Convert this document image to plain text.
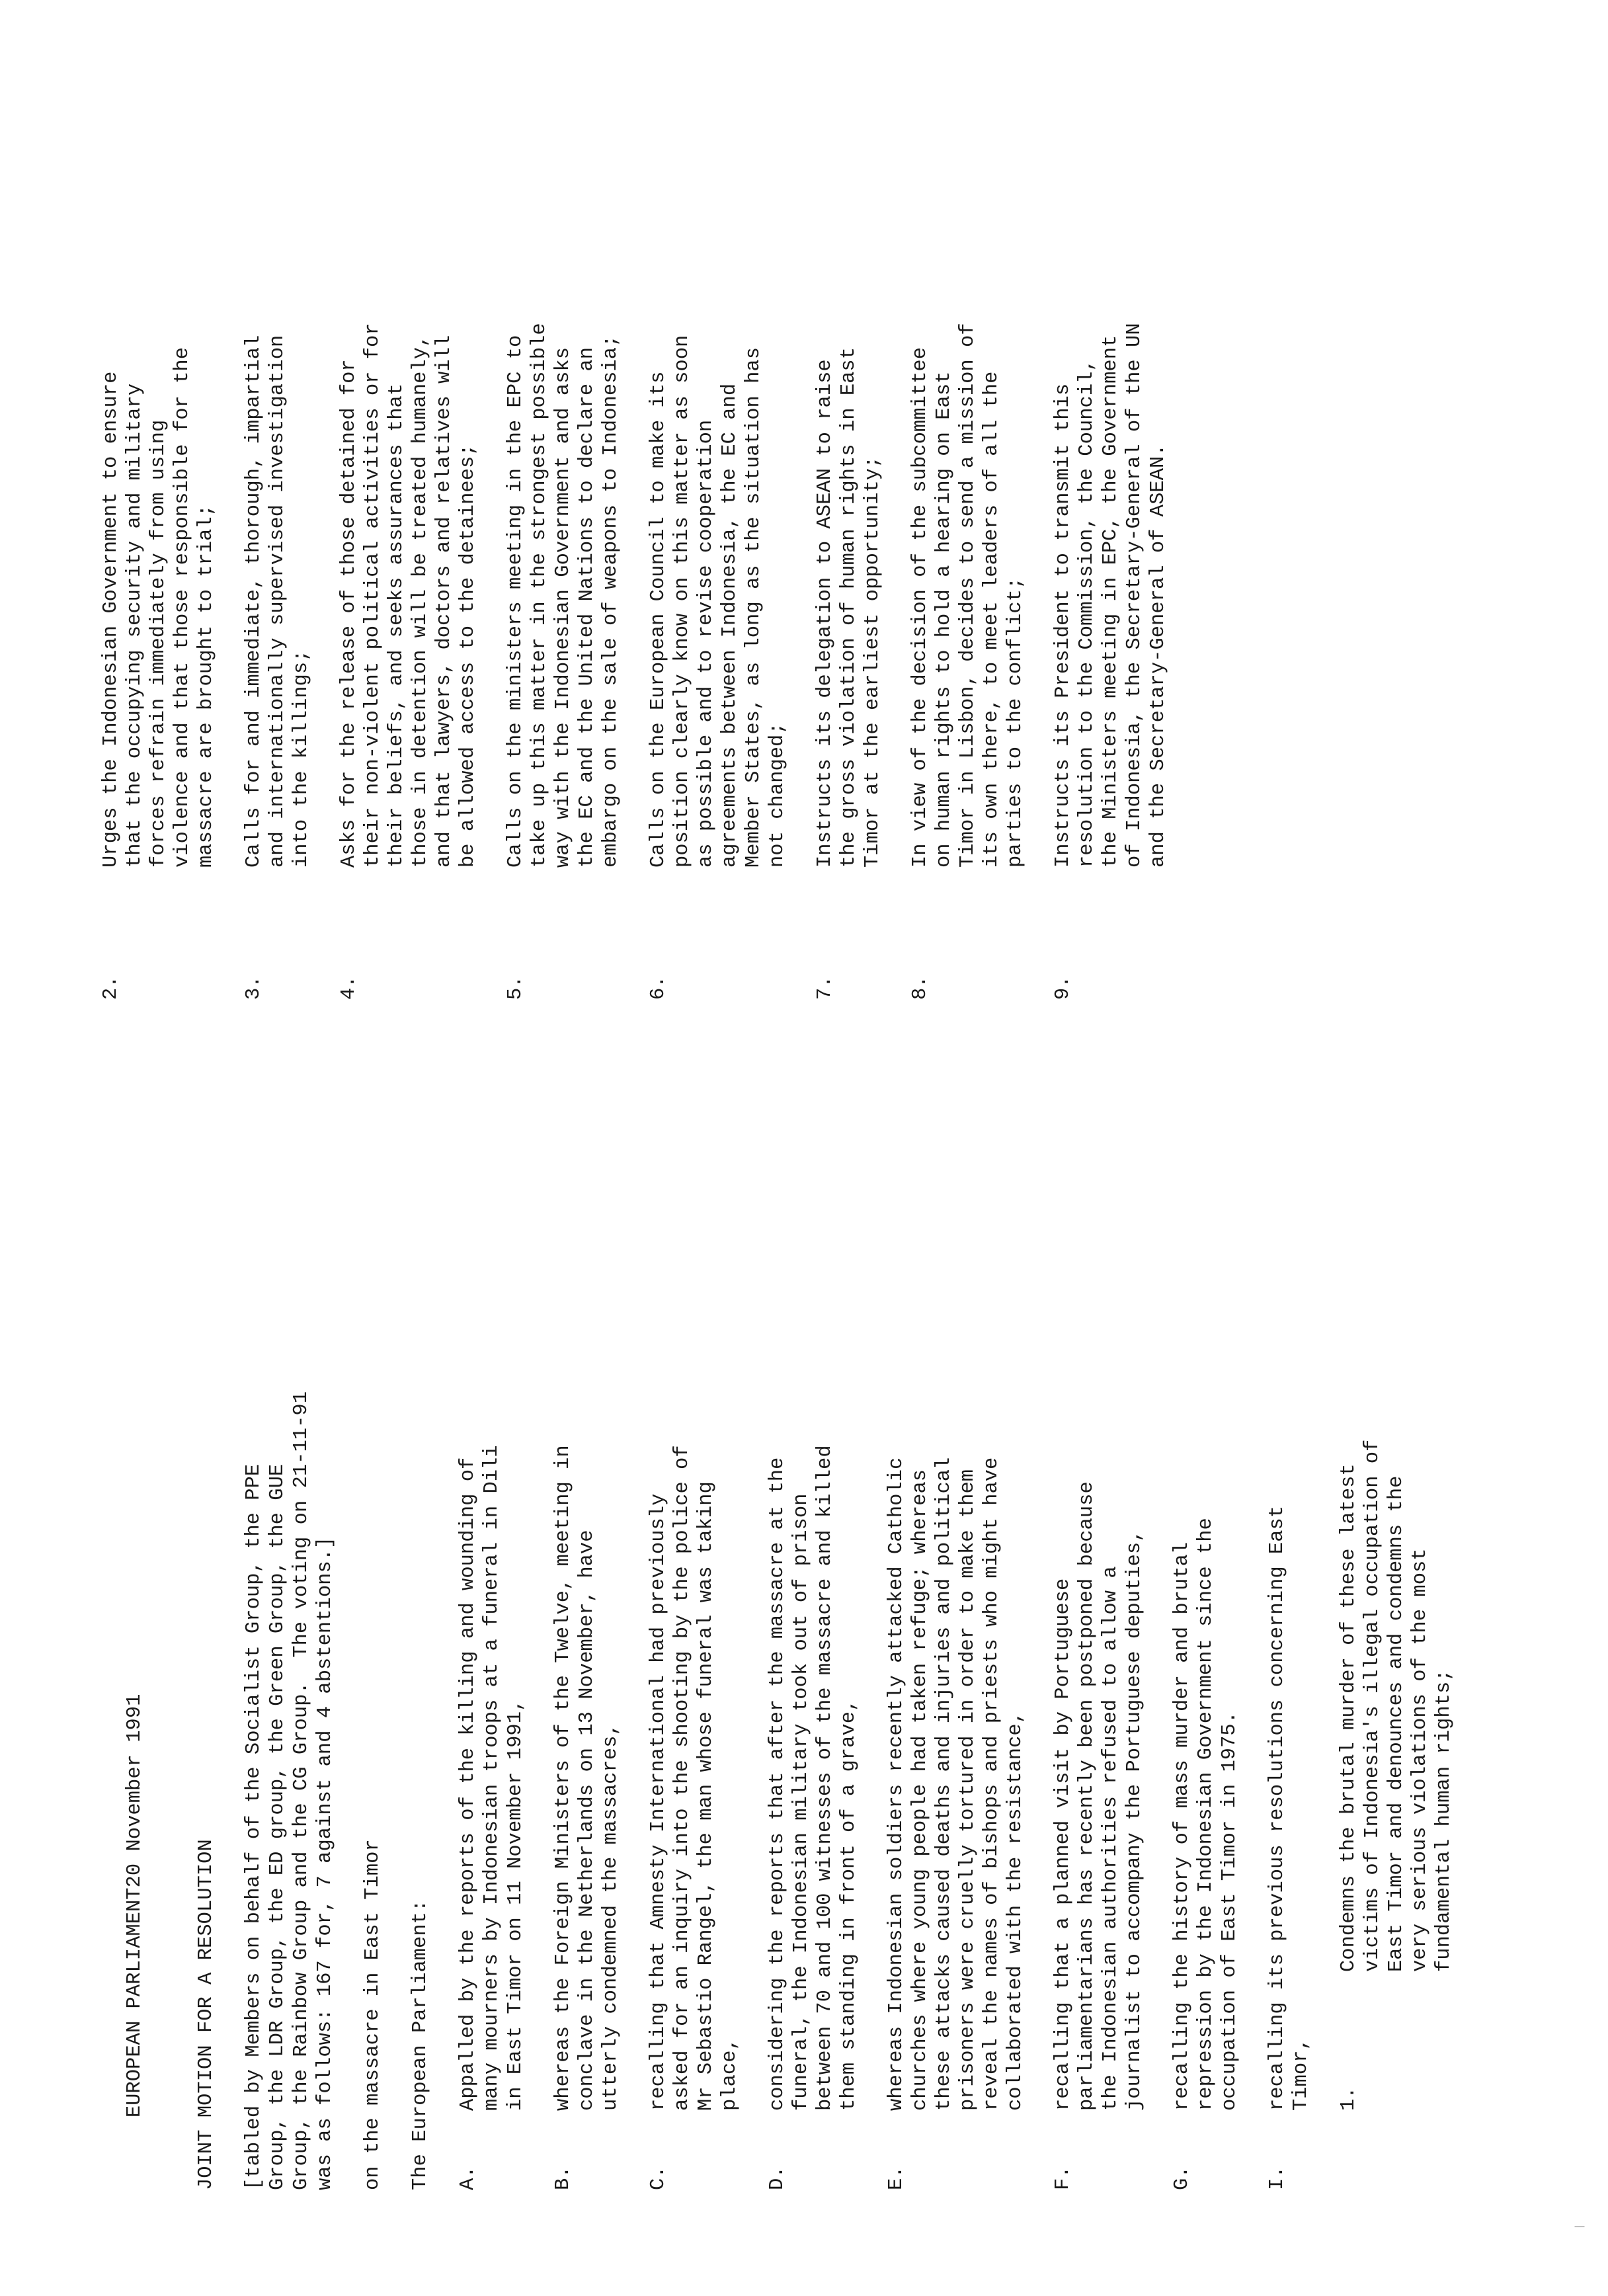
EUROPEAN PARLIAMENT20 November 1991

JOINT MOTION FOR A RESOLUTION [tabled by Members on behalf of the Socialist Group, the PPE Group, the LDR Group, the ED group, the Green Group, the GUE Group, the Rainbow Group and the CG Group.  The voting on 21-11-91 was as follows: 167 for, 7 against and 4 abstentions.] on the massacre in East Timor The European Parliament: A.
Appalled by the reports of the killing and wounding of many mourners by Indonesian troops at a funeral in Dili in East Timor on 11 November 1991,
B.
whereas the Foreign Ministers of the Twelve, meeting in conclave in the Netherlands on 13 November, have utterly condemned the massacres,
C.
recalling that Amnesty International had previously asked for an inquiry into the shooting by the police of Mr Sebastio Rangel, the man whose funeral was taking place,
D.
considering the reports that after the massacre at the funeral, the Indonesian military took out of prison between 70 and 100 witnesses of the massacre and killed them standing in front of a grave,
E.
whereas Indonesian soldiers recently attacked Catholic churches where young people had taken refuge; whereas these attacks caused deaths and injuries and political prisoners were cruelly tortured in order to make them reveal the names of bishops and priests who might have collaborated with the resistance,
F.
recalling that a planned visit by Portuguese parliamentarians has recently been postponed because the Indonesian authorities refused to allow a journalist to accompany the Portuguese deputies,
G.
recalling the history of mass murder and brutal repression by the Indonesian Government since the occupation of East Timor in 1975.
I.
recalling its previous resolutions concerning East Timor, 1.
Condemns the brutal murder of these latest victims of Indonesia's illegal occupation of East Timor and denounces and condemns the very serious violations of the most fundamental human rights;
2.
Urges the Indonesian Government to ensure that the occupying security and military forces refrain immediately from using violence and that those responsible for the massacre are brought to trial;
3.
Calls for and immediate, thorough, impartial and internationally supervised investigation into the killings;
4.
Asks for the release of those detained for their non-violent political activities or for their beliefs, and seeks assurances that those in detention will be treated humanely, and that lawyers, doctors and relatives will be allowed access to the detainees;
5.
Calls on the ministers meeting in the EPC to take up this matter in the strongest possible way with the Indonesian Government and asks the EC and the United Nations to declare an embargo on the sale of weapons to Indonesia;
6.
Calls on the European Council to make its position clearly know on this matter as soon as possible and to revise cooperation agreements between Indonesia, the EC and Member States, as long as the situation has not changed;
7.
Instructs its delegation to ASEAN to raise the gross violation of human rights in East Timor at the earliest opportunity;
8.
In view of the decision of the subcommittee on human rights to hold a hearing on East Timor in Lisbon, decides to send a mission of its own there, to meet leaders of all the parties to the conflict;
9.
Instructs its President to transmit this resolution to the Commission, the Council, the Ministers meeting in EPC, the Government of Indonesia, the Secretary-General of the UN and the Secretary-General of ASEAN.
|
